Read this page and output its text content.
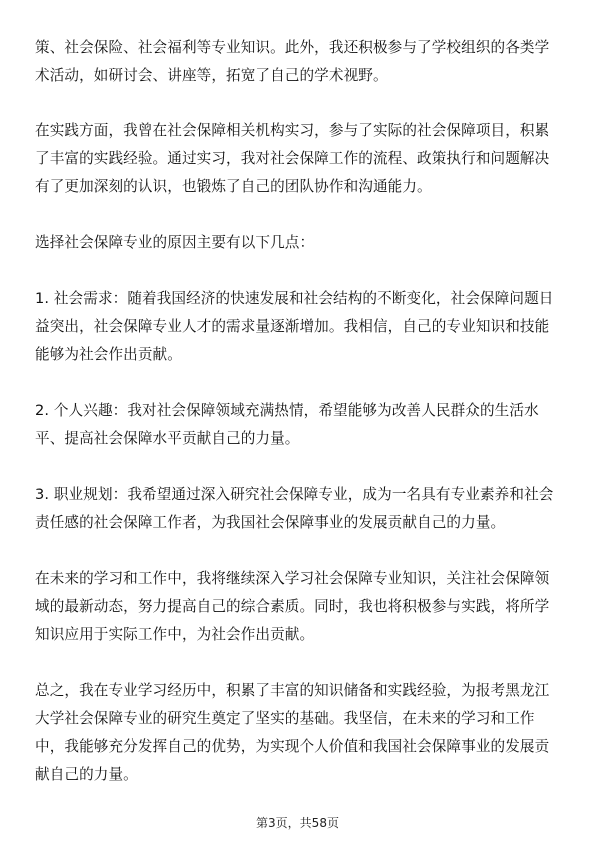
策、社会保险、社会福利等专业知识。此外，我还积极参与了学校组织的各类学术活动，如研讨会、讲座等，拓宽了自己的学术视野。

在实践方面，我曾在社会保障相关机构实习，参与了实际的社会保障项目，积累了丰富的实践经验。通过实习，我对社会保障工作的流程、政策执行和问题解决有了更加深刻的认识，也锻炼了自己的团队协作和沟通能力。

选择社会保障专业的原因主要有以下几点：

1. 社会需求：随着我国经济的快速发展和社会结构的不断变化，社会保障问题日益突出，社会保障专业人才的需求量逐渐增加。我相信，自己的专业知识和技能能够为社会作出贡献。

2. 个人兴趣：我对社会保障领域充满热情，希望能够为改善人民群众的生活水平、提高社会保障水平贡献自己的力量。

3. 职业规划：我希望通过深入研究社会保障专业，成为一名具有专业素养和社会责任感的社会保障工作者，为我国社会保障事业的发展贡献自己的力量。

在未来的学习和工作中，我将继续深入学习社会保障专业知识，关注社会保障领域的最新动态，努力提高自己的综合素质。同时，我也将积极参与实践，将所学知识应用于实际工作中，为社会作出贡献。

总之，我在专业学习经历中，积累了丰富的知识储备和实践经验，为报考黑龙江大学社会保障专业的研究生奠定了坚实的基础。我坚信，在未来的学习和工作中，我能够充分发挥自己的优势，为实现个人价值和我国社会保障事业的发展贡献自己的力量。

第3页，共58页
